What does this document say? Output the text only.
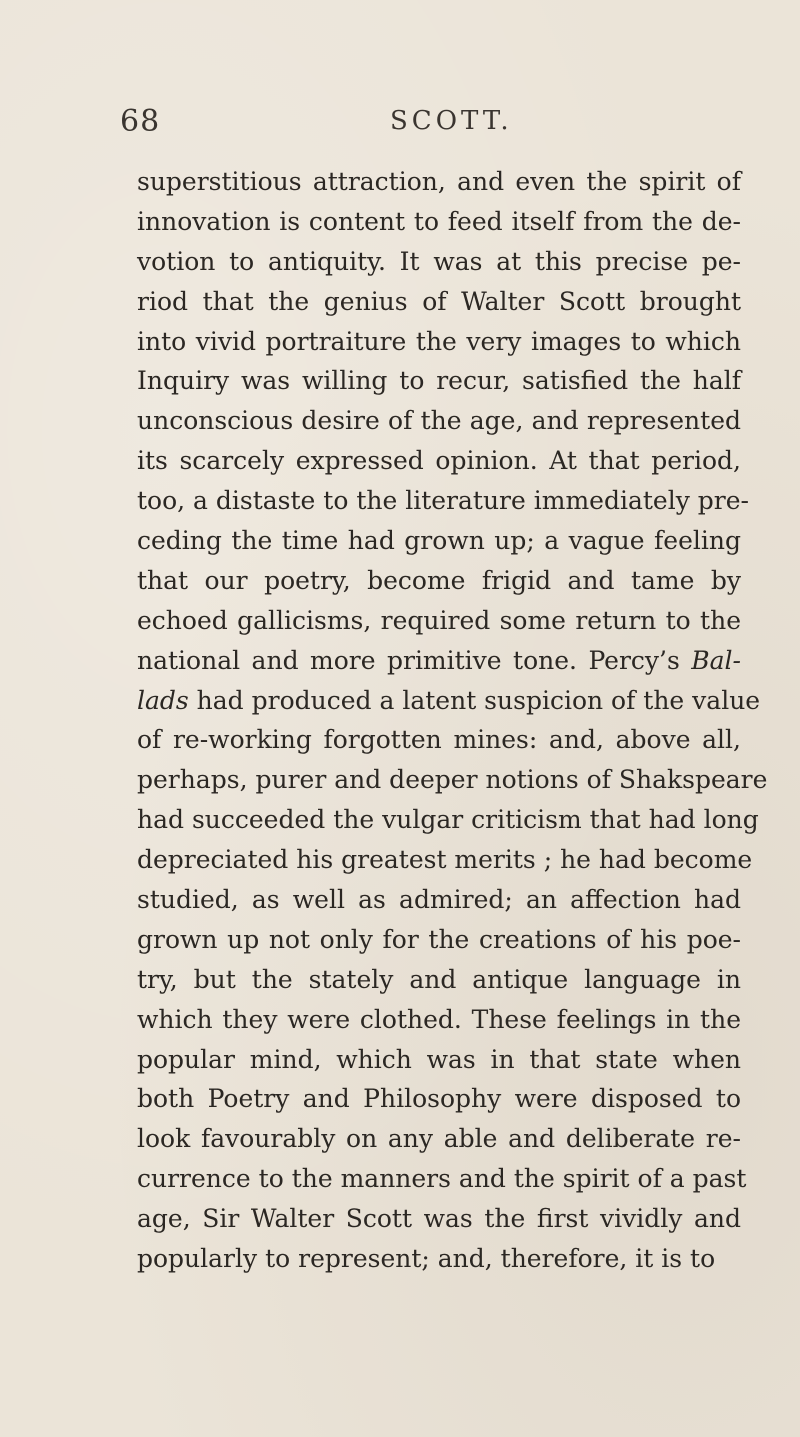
68	SCOTT.
superstitious attraction, and even the spirit of
innovation is content to feed itself from the de-
votion to antiquity. It was at this precise pe-
riod that the genius of Walter Scott brought
into vivid portraiture the very images to which
Inquiry was willing to recur, satisfied the half
unconscious desire of the age, and represented
its scarcely expressed opinion. At that period,
too, a distaste to the literature immediately pre-
ceding the time had grown up; a vague feeling
that our poetry, become frigid and tame by
echoed gallicisms, required some return to the
national and more primitive tone. Percy’s Bal-
lads had produced a latent suspicion of the value
of re-working forgotten mines: and, above all,
perhaps, purer and deeper notions of Shakspeare
had succeeded the vulgar criticism that had long
depreciated his greatest merits ; he had become
studied, as well as admired; an affection had
grown up not only for the creations of his poe-
try, but the stately and antique language in
which they were clothed. These feelings in the
popular mind, which was in that state when
both Poetry and Philosophy were disposed to
look favourably on any able and deliberate re-
currence to the manners and the spirit of a past
age, Sir Walter Scott was the first vividly and
popularly to represent; and, therefore, it is to
